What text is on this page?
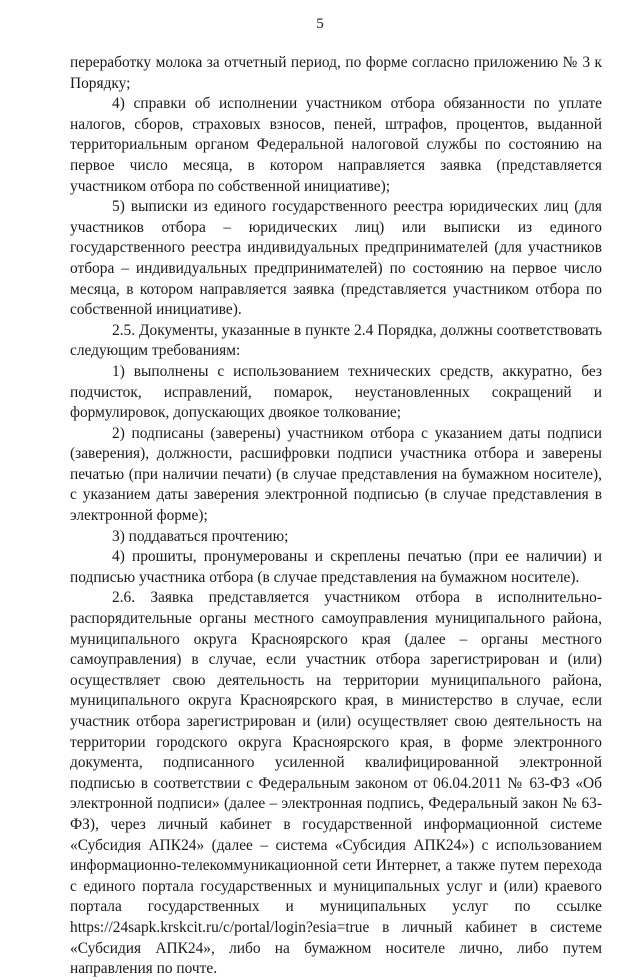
5

переработку молока за отчетный период, по форме согласно приложению № 3 к Порядку;

4) справки об исполнении участником отбора обязанности по уплате налогов, сборов, страховых взносов, пеней, штрафов, процентов, выданной территориальным органом Федеральной налоговой службы по состоянию на первое число месяца, в котором направляется заявка (представляется участником отбора по собственной инициативе);

5) выписки из единого государственного реестра юридических лиц (для участников отбора – юридических лиц) или выписки из единого государственного реестра индивидуальных предпринимателей (для участников отбора – индивидуальных предпринимателей) по состоянию на первое число месяца, в котором направляется заявка (представляется участником отбора по собственной инициативе).

2.5. Документы, указанные в пункте 2.4 Порядка, должны соответствовать следующим требованиям:

1) выполнены с использованием технических средств, аккуратно, без подчисток, исправлений, помарок, неустановленных сокращений и формулировок, допускающих двоякое толкование;

2) подписаны (заверены) участником отбора с указанием даты подписи (заверения), должности, расшифровки подписи участника отбора и заверены печатью (при наличии печати) (в случае представления на бумажном носителе), с указанием даты заверения электронной подписью (в случае представления в электронной форме);

3) поддаваться прочтению;

4) прошиты, пронумерованы и скреплены печатью (при ее наличии) и подписью участника отбора (в случае представления на бумажном носителе).

2.6. Заявка представляется участником отбора в исполнительно-распорядительные органы местного самоуправления муниципального района, муниципального округа Красноярского края (далее – органы местного самоуправления) в случае, если участник отбора зарегистрирован и (или) осуществляет свою деятельность на территории муниципального района, муниципального округа Красноярского края, в министерство в случае, если участник отбора зарегистрирован и (или) осуществляет свою деятельность на территории городского округа Красноярского края, в форме электронного документа, подписанного усиленной квалифицированной электронной подписью в соответствии с Федеральным законом от 06.04.2011 № 63-ФЗ «Об электронной подписи» (далее – электронная подпись, Федеральный закон № 63-ФЗ), через личный кабинет в государственной информационной системе «Субсидия АПК24» (далее – система «Субсидия АПК24») с использованием информационно-телекоммуникационной сети Интернет, а также путем перехода с единого портала государственных и муниципальных услуг и (или) краевого портала государственных и муниципальных услуг по ссылке https://24sapk.krskcit.ru/c/portal/login?esia=true в личный кабинет в системе «Субсидия АПК24», либо на бумажном носителе лично, либо путем направления по почте.
